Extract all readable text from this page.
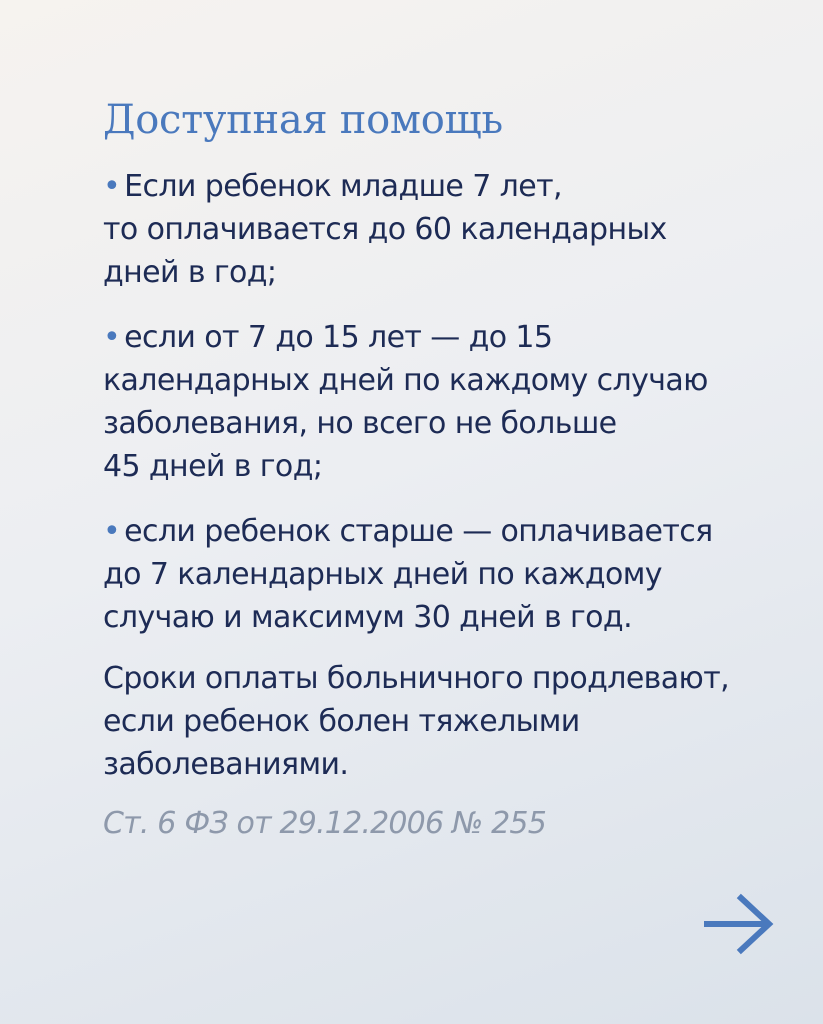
Доступная помощь

• Если ребенок младше 7 лет,

то оплачивается до 60 календарных

дней в год;

• если от 7 до 15 лет — до 15

календарных дней по каждому случаю

заболевания, но всего не больше

45 дней в год;

• если ребенок старше — оплачивается

до 7 календарных дней по каждому

случаю и максимум 30 дней в год.

Сроки оплаты больничного продлевают,

если ребенок болен тяжелыми

заболеваниями.

Ст. 6 ФЗ от 29.12.2006 № 255
